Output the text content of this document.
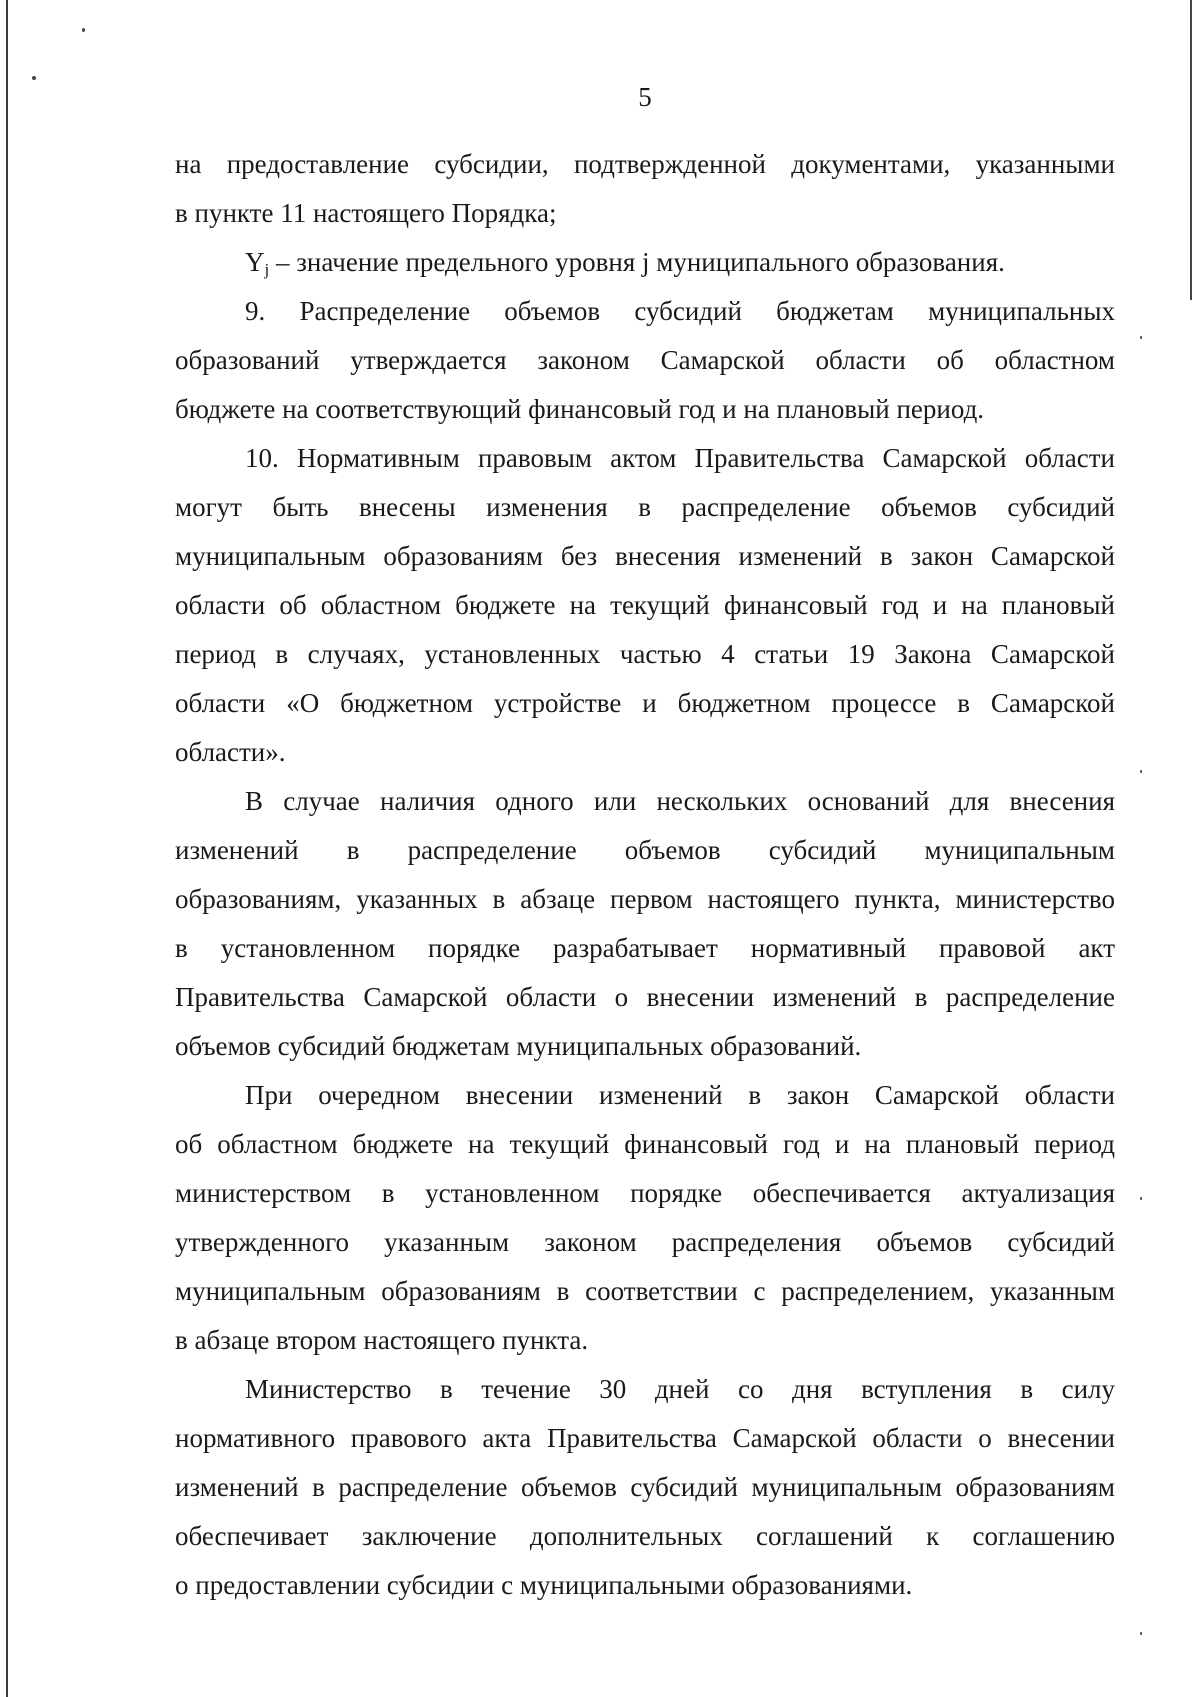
5
на предоставление субсидии, подтвержденной документами, указанными
в пункте 11 настоящего Порядка;
$Y_j$ – значение предельного уровня j муниципального образования.
9. Распределение объемов субсидий бюджетам муниципальных
образований утверждается законом Самарской области об областном
бюджете на соответствующий финансовый год и на плановый период.
10. Нормативным правовым актом Правительства Самарской области
могут быть внесены изменения в распределение объемов субсидий
муниципальным образованиям без внесения изменений в закон Самарской
области об областном бюджете на текущий финансовый год и на плановый
период в случаях, установленных частью 4 статьи 19 Закона Самарской
области «О бюджетном устройстве и бюджетном процессе в Самарской
области».
В случае наличия одного или нескольких оснований для внесения
изменений в распределение объемов субсидий муниципальным
образованиям, указанных в абзаце первом настоящего пункта, министерство
в установленном порядке разрабатывает нормативный правовой акт
Правительства Самарской области о внесении изменений в распределение
объемов субсидий бюджетам муниципальных образований.
При очередном внесении изменений в закон Самарской области
об областном бюджете на текущий финансовый год и на плановый период
министерством в установленном порядке обеспечивается актуализация
утвержденного указанным законом распределения объемов субсидий
муниципальным образованиям в соответствии с распределением, указанным
в абзаце втором настоящего пункта.
Министерство в течение 30 дней со дня вступления в силу
нормативного правового акта Правительства Самарской области о внесении
изменений в распределение объемов субсидий муниципальным образованиям
обеспечивает заключение дополнительных соглашений к соглашению
о предоставлении субсидии с муниципальными образованиями.
